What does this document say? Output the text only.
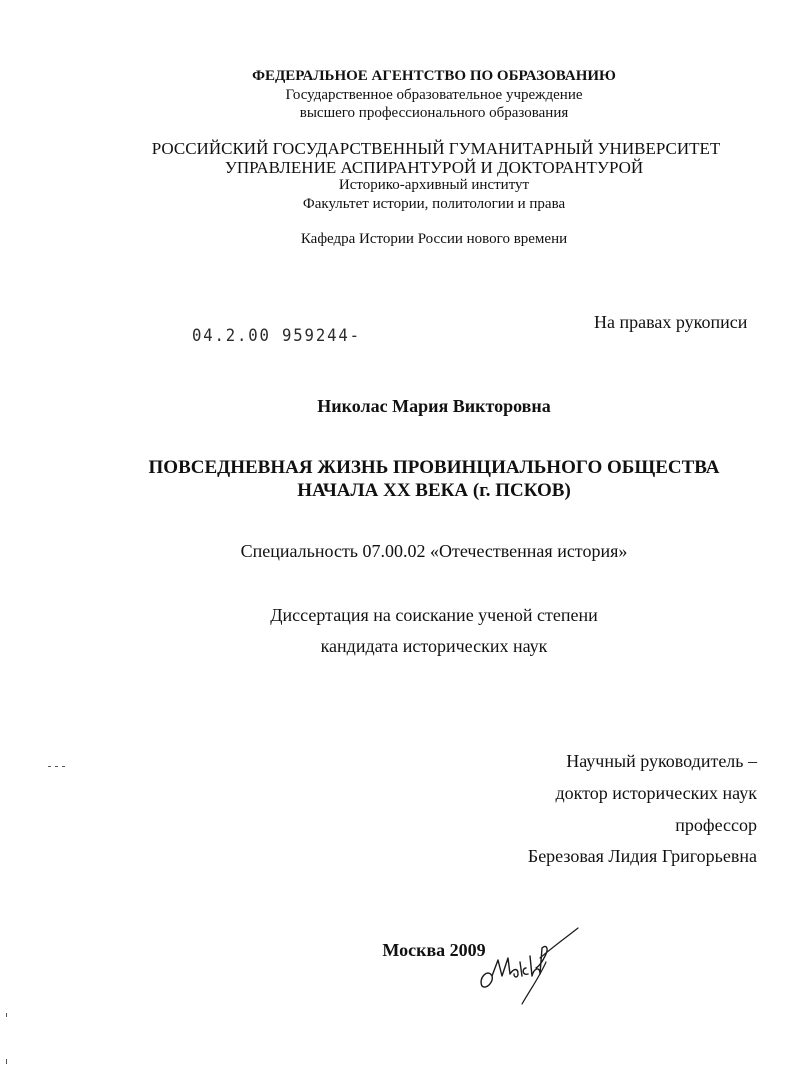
ФЕДЕРАЛЬНОЕ АГЕНТСТВО ПО ОБРАЗОВАНИЮ
Государственное образовательное учреждение
высшего профессионального образования
РОССИЙСКИЙ ГОСУДАРСТВЕННЫЙ ГУМАНИТАРНЫЙ УНИВЕРСИТЕТ
УПРАВЛЕНИЕ АСПИРАНТУРОЙ И ДОКТОРАНТУРОЙ
Историко-архивный институт
Факультет истории, политологии и права
Кафедра Истории России нового времени
04.2.00 959244-
На правах рукописи
Николас Мария Викторовна
ПОВСЕДНЕВНАЯ ЖИЗНЬ ПРОВИНЦИАЛЬНОГО ОБЩЕСТВА
НАЧАЛА XX ВЕКА (г. ПСКОВ)
Специальность 07.00.02 «Отечественная история»
Диссертация на соискание ученой степени
кандидата исторических наук
Научный руководитель –
доктор исторических наук
профессор
Березовая Лидия Григорьевна
Москва 2009
